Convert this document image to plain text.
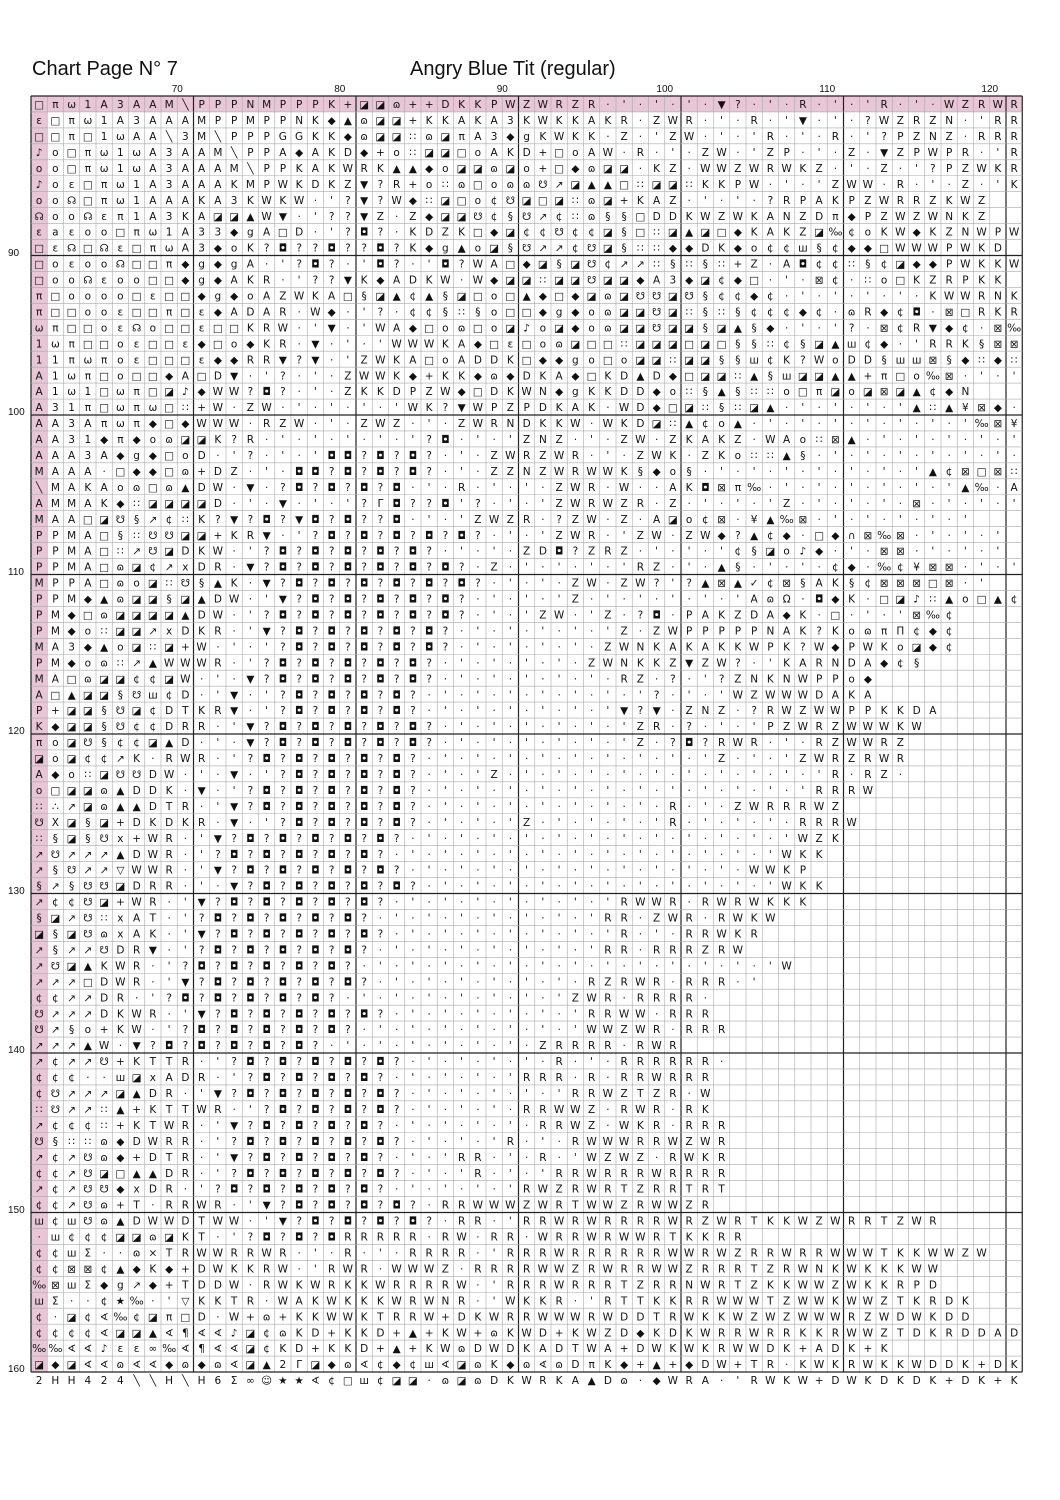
Chart Page N° 7	Angry Blue Tit (regular)
70	80	90	100	110	120
90
100
110
120
130
140
150
160
□ π ω 1 A 3 A A M ╲ P P P N M P P P K + ◪ ◪ ɷ + + D K K P W Z W R Z R · ' · ' · ' · ▼ ? · ' · R · ' · ' R · ' · W Z R W R
ε □ π ω 1 A 3 A A A M P P M P P N K ◆ ▲ ɷ ◪ ◪ + K K A K A 3 K W K K A K R · Z W R · ' · R · ' ▼ · ' · ? W Z R Z N · ' R R
□ □ π □ 1 ω A A ╲ 3 M ╲ P P P G G K K ◆ ɷ ◪ ◪ ∷ ɷ ◪ π A 3 ◆ g K W K K · Z · ' Z W · ' · ' R · ' · R · ' ? P Z N Z · R R R
♪ o □ π ω 1 ω A 3 A A M ╲ P P A ◆ A K D ◆ + o ∷ ◪ ◪ □ o A K D + □ o A W · R · ' · Z W · ' Z P · ' · Z · ▼ Z P W P R · ' R
o o □ π ω 1 ω A 3 A A A M ╲ P P K A K W R K ▲ ▲ ◆ o ◪ ◪ ɷ ◪ o + □ ◆ ɷ ◪ ◪ · K Z · W W Z W R W K Z · ' · Z · ' ? P Z W K R
♪ o ε □ π ω 1 A 3 A A A K M P W K D K Z ▼ ? R + o ∷ ɷ □ o ɷ ɷ ☋ ↗ ◪ ▲ ▲ □ ∷ ◪ ◪ ∷ K K P W · ' · ' Z W W · R · ' · Z · ' K
o o ☊ □ π ω 1 A A A K A 3 K W K W · ' ? ▼ ? W ◆ ∷ ◪ □ o ¢ ☋ ◪ □ ◪ ∷ ɷ ◪ + K A Z · ' · ' · ? R P A K P Z W R R Z K W Z
☊ o o ☊ ε π 1 A 3 K A ◪ ◪ ▲ W ▼ · ' ? ? ▼ Z · Z ◆ ◪ ◪ ☋ ¢ § ☋ ↗ ¢ ∷ ɷ § § □ D D K W Z W K A N Z D π ◆ P Z W Z W N K Z
ε a ε o o □ π ω 1 A 3 3 ◆ g A □ D · ' ? ◘ ? · K D Z K □ ◆ ◪ ¢ ¢ ☋ ¢ ¢ ◪ § □ ∷ ◪ ▲ ◪ □ ◆ K A K Z ◪ ‰ ¢ o K W ◆ K Z N W P W
□ ε ☊ □ ☊ ε □ π ω A 3 ◆ o K ? ◘ ? ? ◘ ? ? ◘ ? K ◆ g ▲ o ◪ § ☋ ↗ ↗ ¢ ☋ ◪ § ∷ ∷ ◆ ◆ D K ◆ o ¢ ¢ ш § ¢ ◆ ◆ □ W W W P W K D
□ o ε o o ☊ □ □ π ◆ g ◆ g A · ' ? ◘ ? · ' ◘ ? · ' ◘ ? W A □ ◆ ◪ § ◪ ☋ ¢ ↗ ↗ ∷ § ∷ § ∷ + Z · A ◘ ¢ ¢ ∷ § ¢ ◪ ◆ ◆ P W K K W
□ o o ☊ ε o o □ □ ◆ g ◆ A K R · ' ? ? ▼ K ◆ A D K W · W ◆ ◪ ◪ ∷ ◪ ◪ ☋ ◪ ◪ ◆ A 3 ◆ ◪ ¢ ◆ □ · ' · ⊠ ¢ · ∷ o □ K Z R P K K
π □ o o o o □ ε □ □ ◆ g ◆ o A Z W K A □ § ◪ ▲ ¢ ▲ § ◪ □ o □ ▲ ◆ □ ◆ ◪ ɷ ◪ ☋ ☋ ◪ ☋ § ¢ ¢ ◆ ¢ · ' · ' · ' · ' · K W W R N K
π □ □ o o ε □ □ π □ ε ◆ A D A R · W ◆ · ' ? · ¢ ¢ § ∷ § o □ □ ◆ g ◆ o ɷ ◪ ◪ ☋ ◪ ∷ § ∷ § ¢ ¢ ¢ ◆ ¢ · ɷ R ◆ ¢ ◘ · ⊠ □ R K R
ω π □ □ o ε ☊ o □ □ ε □ □ K R W · ' ▼ · ' W A ◆ □ o ɷ □ o ◪ ♪ o ◪ ◆ o ɷ ◪ ◪ ☋ ◪ ◪ § ◪ ▲ § ◆ · ' · ' ? · ⊠ ¢ R ▼ ◆ ¢ · ⊠ ‰
1 ω π □ □ o ε □ □ ε ◆ □ o ◆ K R · ▼ · ' · ' W W W K A ◆ □ ε □ o ɷ ◪ □ □ ∷ ◪ ◪ ◪ □ ◪ □ § § ∷ ¢ § ◪ ▲ ш ¢ ◆ · ' R R K § ⊠ ⊠
1 1 π ω π o ε □ □ □ ε ◆ ◆ R R ▼ ? ▼ · ' Z W K A □ o A D D K □ ◆ ◆ g o □ o ◪ ◪ ∷ ◪ ◪ § § ш ¢ K ? W o D D § ш ш ⊠ § ◆ ∷ ◆ ∷
A 1 ω π □ o □ □ ◆ A □ D ▼ · ' ? · ' · Z W W K ◆ + K K ◆ ɷ ◆ D K A ◆ □ K D ▲ D ◆ □ ◪ ◪ ∷ ▲ § ш ◪ ◪ ▲ ▲ + π □ o ‰ ⊠ · ' · '
A 1 ω 1 □ ω π □ ◪ ♪ ◆ W W ? ◘ ? · ' · Z K K D P Z W ◆ □ D K W N ◆ g K K D D ◆ o ∷ § ▲ § ∷ ∷ o □ π ◪ o ◪ ⊠ ◪ ▲ ¢ ◆ N
A 3 1 π □ ω π ω □ ∷ + W · Z W · ' · ' · ' · ' W K ? ▼ W P Z P D K A K · W D ◆ □ ◪ ∷ § ∷ ◪ ▲ · ' · ' · ' · ' ▲ ∷ ▲ ¥ ⊠ ◆ ·
A A 3 A π ω π ◆ □ ◆ W W W · R Z W · ' · Z W Z · ' · Z W R N D K K W · W K D ◪ ∷ ▲ ¢ o ▲ · ' · ' · ' · ' · ' · ' · ' ‰ ⊠ ¥
A A 3 1 ◆ π ◆ o ɷ ◪ ◪ K ? R · ' · ' · ' · ' · ' ? ◘ · ' · ' Z N Z · ' · Z W · Z K A K Z · W A o ∷ ⊠ ▲ · ' · ' · ' · ' · '
A A A 3 A ◆ g ◆ □ o D · ' ? · ' · ' ◘ ◘ ? ◘ ? ◘ ? · ' · Z W R Z W R · ' · Z W K · Z K o ∷ ∷ ▲ § · ' · ' · ' · ' · ' · ' ·
M A A A · □ ◆ ◆ □ ɷ + D Z · ' · ◘ ◘ ? ◘ ? ◘ ? ◘ ? · ' · Z Z N Z W R W W K § ◆ o § · ' · ' · ' · ' · ' · ' · ' ▲ ¢ ⊠ □ ⊠ ∷
╲ M A K A o ɷ □ ɷ ▲ D W · ▼ · ? ◘ ? ◘ ? ◘ ? ◘ · ' · R · ' · ' · Z W R · W · · A K ◘ ⊠ π ‰ · ' · ' · ' · ' · ' · ' ▲ ‰ · A
A M M A K ◆ ∷ ◪ ◪ ◪ ◪ D · ' · ▼ · ' · ' ? Γ ◘ ? ? ◘ ' ? · ' · ' Z W R W Z R · Z · ' · ' · ' Z · ' · ' · ' · ⊠ · ' · ' · '
M A A □ ◪ ☋ § ↗ ¢ ∷ K ? ▼ ? ◘ ? ▼ ◘ ? ◘ ? ? ◘ · ' · ' Z W Z R · ? Z W · Z · A ◪ o ¢ ⊠ · ¥ ▲ ‰ ⊠ · ' · ' · ' · ' · '
P P M A □ § ∷ ☋ ☋ ◪ ◪ + K R ▼ · ' ? ◘ ? ◘ ? ◘ ? ◘ ? ◘ ? · ' · ' Z W R · ' Z W · Z W ◆ ? ▲ ¢ ◆ · □ ◆ ∩ ⊠ ‰ ⊠ · ' · ' · '
P P M A □ ∷ ↗ ☋ ◪ D K W · ' ? ◘ ? ◘ ? ◘ ? ◘ ? ◘ ? · ' · ' · Z D ◘ ? Z R Z · ' · ' · ' ¢ § ◪ o ♪ ◆ · ' · ⊠ ⊠ · ' · ' · '
P P M A □ ɷ ◪ ¢ ↗ x D R · ▼ ? ◘ ? ◘ ? ◘ ? ◘ ? ◘ ? ◘ ? · Z · ' · ' · ' · ' R Z · ' · ▲ § · ' · ' · ¢ ◆ · ‰ ¢ ¥ ⊠ ⊠ · ' · '
M P P A □ ɷ o ◪ ∷ ☋ § ▲ K · ▼ ? ◘ ? ◘ ? ◘ ? ◘ ? ◘ ? ◘ ? · ' · ' · Z W · Z W ? ' ? ▲ ⊠ ▲ ✓ ¢ ⊠ § A K § ¢ ⊠ ⊠ ⊠ □ ⊠ · '
P P M ◆ ▲ ɷ ◪ ◪ § ◪ ▲ D W · ' ▼ ? ◘ ? ◘ ? ◘ ? ◘ ? ◘ ? · ' · ' · ' Z · ' · ' · ' · ' · ' A ɷ Ω · ◘ ◆ K · □ ◪ ♪ ∷ ▲ o □ ▲ ¢
P M ◆ □ ɷ ◪ ◪ ◪ ◪ ▲ D W · ' ? ◘ ? ◘ ? ◘ ? ◘ ? ◘ ? ◘ ? · ' · ' Z W · ' Z · ? ◘ · P A K Z D A ◆ K · □ · ' · ' ⊠ ‰ ¢
P M ◆ o ∷ ◪ ◪ ↗ x D K R · ' ▼ ? ◘ ? ◘ ? ◘ ? ◘ ? ◘ ? · ' · ' · ' · ' · ' Z · Z W P P P P P N A K ? K o ɷ π Π ¢ ◆ ¢
M A 3 ◆ ▲ o ◪ ∷ ◪ + W · ' · ' ? ◘ ? ◘ ? ◘ ? ◘ ? ◘ ? · ' · ' · ' · ' · Z W N K A K A K K W P K ? W ◆ P W K o ◪ ◆ ¢
P M ◆ o ɷ ∷ ↗ ▲ W W W R · ' ? ◘ ? ◘ ? ◘ ? ◘ ? ◘ ? · ' · ' · ' · ' · Z W N K K Z ▼ Z W ? · ' K A R N D A ◆ ¢ §
M A □ ɷ ◪ ◪ ¢ ¢ ◪ W · ' · ▼ ? ◘ ? ◘ ? ◘ ? ◘ ? ◘ ? · ' · ' · ' · ' · ' · R Z · ? · ' ? Z N K N W P P o ◆
A □ ▲ ◪ ◪ § ☋ ш ¢ D · ' ▼ · ' ? ◘ ? ◘ ? ◘ ? ◘ ? · ' · ' · ' · ' · ' · ' · ' ? · ' · ' W Z W W W D A K A
P + ◪ ◪ § ☋ ◪ ¢ D T K R ▼ · ' ? ◘ ? ◘ ? ◘ ? ◘ ? · ' · ' · ' · ' · ' · ' ▼ ? ▼ · Z N Z · ? R W Z W W P P K K D A
K ◆ ◪ ◪ § ☋ ¢ ¢ D R R · ' ▼ ? ◘ ? ◘ ? ◘ ? ◘ ? ◘ ? · ' · ' · ' · ' · ' · ' Z R · ? · ' · ' P Z W R Z W W W K W
π o ◪ ☋ § ¢ ¢ ◪ ▲ D · ' · ▼ ? ◘ ? ◘ ? ◘ ? ◘ ? ◘ ? · ' · ' · ' · ' · ' · ' Z · ? ◘ ? R W R · ' · R Z W W R Z
◪ o ◪ ¢ ¢ ↗ K · R W R · ' ? ◘ ? ◘ ? ◘ ? ◘ ? ◘ ? · ' · ' · ' · ' · ' · ' · ' · ' · ' Z · ' · ' Z W R Z R W R
A ◆ o ∷ ◪ ☋ ☋ D W · ' · ▼ · ' ? ◘ ? ◘ ? ◘ ? ◘ ? · ' · ' Z · ' · ' · ' · ' · ' · ' · ' · ' · ' · ' R · R Z ·
o □ ◪ ◪ ɷ ▲ D D K · ▼ · ' ? ◘ ? ◘ ? ◘ ? ◘ ? ◘ ? · ' · ' · ' · ' · ' · ' · ' · ' · ' · ' · ' · ' R R R W
∷ ∴ ↗ ◪ ɷ ▲ ▲ D T R · ' ▼ ? ◘ ? ◘ ? ◘ ? ◘ ? ◘ ? · ' · ' · ' · ' · ' · ' · ' · R · ' · Z W R R R W Z
☋ X ◪ § ◪ + D K D K R · ▼ · ' ? ◘ ? ◘ ? ◘ ? ◘ ? · ' · ' · ' Z · ' · ' · ' · ' R · ' · ' · ' · R R R W
∷ § ◪ § ☋ x + W R · ' ▼ ? ◘ ? ◘ ? ◘ ? ◘ ? ◘ ? · ' · ' · ' · ' · ' · ' · ' · ' · ' · ' · ' · ' W Z K
↗ ☋ ↗ ↗ ↗ ▲ D W R · ' ? ◘ ? ◘ ? ◘ ? ◘ ? ◘ ? · ' · ' · ' · ' · ' · ' · ' · ' · ' · ' · ' · ' W K K
↗ § ☋ ↗ ↗ ▽ W W R · ' ▼ ? ◘ ? ◘ ? ◘ ? ◘ ? ◘ ? · ' · ' · ' · ' · ' · ' · ' · ' · ' · ' · W W K P
§ ↗ § ☋ ☋ ◪ D R R · ' · ▼ ? ◘ ? ◘ ? ◘ ? ◘ ? ◘ ? · ' · ' · ' · ' · ' · ' · ' · ' · ' · ' · ' W K K
↗ ¢ ¢ ☋ ◪ + W R · ' ▼ ? ◘ ? ◘ ? ◘ ? ◘ ? ◘ ? · ' · ' · ' · ' · ' · ' · ' R W W R · R W R W K K K
§ ◪ ↗ ☋ ∷ x A T · ' ? ◘ ? ◘ ? ◘ ? ◘ ? ◘ ? · ' · ' · ' · ' · ' · ' · ' R R · Z W R · R W K W
◪ § ◪ ☋ ɷ x A K · ' ▼ ? ◘ ? ◘ ? ◘ ? ◘ ? ◘ ? · ' · ' · ' · ' · ' · ' · ' R · ' · R R W K R
↗ § ↗ ↗ ☋ D R ▼ · ' ? ◘ ? ◘ ? ◘ ? ◘ ? ◘ ? · ' · ' · ' · ' · ' · ' · ' R R · R R R Z R W
↗ ☋ ◪ ▲ K W R · ' ? ◘ ? ◘ ? ◘ ? ◘ ? ◘ ? · ' · ' · ' · ' · ' · ' · ' · ' · ' · ' · ' · ' · ' W
↗ ↗ ↗ □ D W R · ' ▼ ? ◘ ? ◘ ? ◘ ? ◘ ? ◘ ? · ' · ' · ' · ' · ' · ' · R Z R W R · R R R · '
¢ ¢ ↗ ↗ D R · ' ? ◘ ? ◘ ? ◘ ? ◘ ? ◘ ? · ' · ' · ' · ' · ' · ' · ' Z W R · R R R R ·
☋ ↗ ↗ ↗ D K W R · ' ▼ ? ◘ ? ◘ ? ◘ ? ◘ ? ◘ ? · ' · ' · ' · ' · ' · ' R R W W · R R R
☋ ↗ § o + K W · ' ? ◘ ? ◘ ? ◘ ? ◘ ? ◘ ? · ' · ' · ' · ' · ' · ' · ' W W Z W R · R R R
↗ ↗ ↗ ▲ W · ▼ ? ◘ ? ◘ ? ◘ ? ◘ ? ◘ ? · ' · ' · ' · ' · ' · ' · Z R R R R · R W R
↗ ¢ ↗ ↗ ☋ + K T T R · ' ? ◘ ? ◘ ? ◘ ? ◘ ? ◘ ? · ' · ' · ' · ' · R · ' · R R R R R R ·
¢ ¢ ¢ · · ш ◪ x A D R · ' ? ◘ ? ◘ ? ◘ ? ◘ ? · ' · ' · ' · ' R R R · R · R R W R R R
¢ ☋ ↗ ↗ ↗ ◪ ▲ D R · ' ▼ ? ◘ ? ◘ ? ◘ ? ◘ ? ◘ ? · ' · ' · ' · ' · ' R R W Z T Z R · W
∷ ☋ ↗ ↗ ∷ ▲ + K T T W R · ' ? ◘ ? ◘ ? ◘ ? ◘ ? · ' · ' · ' · R R W W Z · R W R · R K
↗ ¢ ¢ ¢ ∷ + K T W R · ' ▼ ? ◘ ? ◘ ? ◘ ? ◘ ? · ' · ' · ' · ' · R R W Z · W K R · R R R
☋ § ∷ ∷ ɷ ◆ D W R R · ' ? ◘ ? ◘ ? ◘ ? ◘ ? ◘ ? · ' · ' · ' R · ' · R W W W R R W Z W R
↗ ¢ ↗ ☋ ɷ ◆ + D T R · ' ▼ ? ◘ ? ◘ ? ◘ ? ◘ ? · ' · ' R R · ' · R · ' W Z W Z · R W K R
¢ ¢ ↗ ☋ ◪ □ ▲ ▲ D R · ' ? ◘ ? ◘ ? ◘ ? ◘ ? ◘ ? · ' · ' R · ' · ' R R W R R R W R R R R
↗ ¢ ↗ ☋ ☋ ◆ x D R · ' ? ◘ ? ◘ ? ◘ ? ◘ ? ◘ ? · ' · ' · ' · ' R W Z R W R T Z R R T R T
¢ ¢ ↗ ☋ ɷ + T · R R W R · ' ▼ ? ◘ ? ◘ ? ◘ ? ◘ ? · R R W W W Z W R T W W Z R W W Z R
ш ¢ ш ☋ ɷ ▲ D W W D T W W · ' ▼ ? ◘ ? ◘ ? ◘ ? ◘ ? · R R · ' R R W R W R R R R W R Z W R T K K W Z W R R T Z W R
· ш ¢ ¢ ¢ ◪ ◪ ɷ ◪ K T · ' ? ◘ ? ◘ ? ◘ R R R R R · R W · R R · W R R W R W W R T K K R R
¢ ¢ ш Σ · · ɷ × T R W W R R W R · ' · R · ' · R R R R · ' R R R W R R R R R R W W R W Z R R W R R W W W T K K W W Z W
¢ ¢ ⊠ ⊠ ¢ ▲ ◆ K ◆ + D W K K R W · ' R W R · W W W Z · R R R R W W Z R W R R W W Z R R R T Z R W N K W K K K W W
‰ ⊠ ш Σ ◆ g ↗ ◆ + T D D W · R W K W R K K W R R R R W · ' R R R W R R R T Z R R N W R T Z K K W W Z W K K R P D
ш Σ · · ¢ ★ ‰ · ' ▽ K K T R · W A K W K K K W R W N R · ' W K K R · ' R T T K K R R W W W T Z W W K W W Z T K R D K
¢ · ◪ ¢ ∢ ‰ ¢ ◪ π □ D · W + ɷ + K K W W K T R R W + D K W R R W W W R W D D T R W K K W Z W Z W W W R Z W D W K D D
¢ ¢ ¢ ¢ ∢ ◪ ◪ ▲ ∢ ¶ ∢ ∢ ♪ ◪ ¢ ɷ K D + K K D + ▲ + K W + ɷ K W D + K W Z D ◆ K D K W R R W R R K K R W W Z T D K R D D A D
‰ ‰ ∢ ∢ ♪ ε ε ∞ ‰ ∢ ¶ ∢ ∢ ◪ ¢ K D + K K D + ▲ + K W ɷ D W D K A D T W A + D W K W K R W W D K + A D K + K
◪ ◆ ◪ ∢ ∢ ɷ ∢ ∢ ◆ ɷ ◆ ɷ ∢ ◪ ▲ 2 Γ ◪ ◆ ɷ ∢ ¢ ◆ ¢ ш ∢ ◪ ɷ K ◆ ɷ ∢ ɷ D π K ◆ + ▲ + ◆ D W + T R · K W K R W K K W D D K + D K
2 H H 4 2 4 ╲ ╲ H ╲ H 6 Σ ∞ ☺ ★ ★ ∢ ¢ □ ш ¢ ◪ ◪ · ɷ ◪ ɷ D K W R K A ▲ D ɷ · ◆ W R A · ' R W K W + D W K D K D K + D K + K
